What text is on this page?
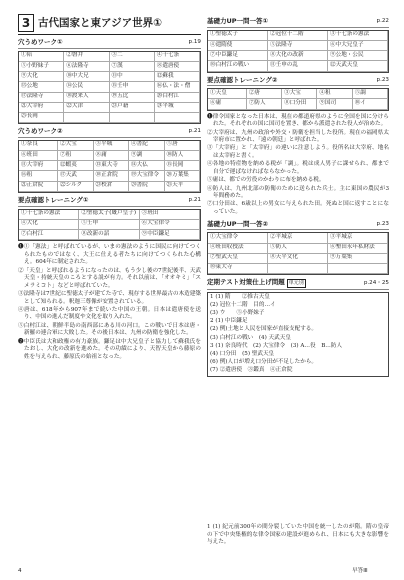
3 古代国家と東アジア世界①
穴うめワーク①	p.19
①陪	②磐井	③二	④十七条
⑤小野妹子	⑥法隆寺	⑦漢	⑧遣唐使
⑨大化	⑩中大兄	⑪中	⑫蘇我
⑬公地	⑭公民	⑮壬申	⑯仏・法・僧
⑰法隆寺	⑱渡来人	⑲五比	⑳白村江
㉑大宰府	㉒大津	㉓戸籍	㉔平城
㉕長岡
穴うめワーク②	p.21
①奈良	②大宝	③平城	④書紀	⑤唐
⑥班田	⑦租	⑧庸	⑨調	⑩防人
⑪大宰府	⑫蝦夷	⑬東大寺	⑭大仏	⑮長岡
⑯租	⑰天武	⑱正倉院	⑲大宝律令	⑳万葉集
㉑正倉院	㉒シルク	㉓校倉	㉔書院	㉕天平
要点確認トレーニング①	p.21
①十七条の憲法	②聖徳太子(厩戸皇子)	③班田
④大化	⑤壬申	⑥大宝律令
⑦白村江	⑧改新の詔	⑨中臣鎌足

❶①「憲法」と呼ばれているが、いまの憲法のように国民に向けてつくられたものではなく、大王に仕える者たちに向けてつくられた心構え。604年に制定された。

②「天皇」と呼ばれるようになったのは、もう少し後の7世紀後半、天武天皇・持統天皇のころとする説が有力。それ以前は、「オオキミ」「スメラミコト」などと呼ばれていた。

③法隆寺は7世紀に聖徳太子が建てた寺で、現存する世界最古の木造建築として知られる。釈迦三尊像が安置されている。

④唐は、618年から907年まで続いた中国の王朝。日本は遣唐使を送り、中国の進んだ制度や文化を取り入れた。

⑤白村江は、朝鮮半島の南西部にある川の河口。この戦いで日本は唐・新羅の連合軍に大敗した。その後日本は、九州の防衛を強化した。

❷中臣氏は大和政権の有力豪族。鎌足は中大兄皇子と協力して蘇我氏をたおし、大化の改新を進めた。その功績により、天智天皇から藤原の姓を与えられ、藤原氏の始祖となった。

基礎力UP一問一答①	p.22
①聖徳太子	②冠位十二階	③十七条の憲法
④遣隋使	⑤法隆寺	⑥中大兄皇子
⑦中臣鎌足	⑧大化の改新	⑨公地・公民
⑩白村江の戦い	⑪壬申の乱	⑫天武天皇
要点確認トレーニング②	p.23
①天皇	②唐	③大宝	④租	⑤調
⑥庸	⑦防人	⑧口分田	⑨国司	⑩イ

❶律令国家となった日本は、現在の都道府県のように全国を国に分けられた。それぞれの国に国司を置き、都から派遣された役人が治めた。

②大宰府は、九州の政治や外交・防衛を担当した役所。現在の福岡県太宰府市に置かれ、「遠の朝廷」と呼ばれた。

③「大宰府」と「太宰府」の違いに注意しよう。役所名は大宰府、地名は太宰府と書く。

④各地の特産物を納める税が「調」。税は成人男子に課せられ、都まで自分で運ばなければならなかった。

⑤庸は、都での労役のかわりに布を納める税。

⑥防人は、九州北部の防衛のために送られた兵士。主に東国の農民が3年間務めた。

⑦口分田は、6歳以上の男女に与えられた田。死ぬと国に返すことになっていた。

基礎力UP一問一答②	p.23
①大宝律令	②平城京	③平城京
④班田収授法	⑤防人	⑥墾田永年私財法
⑦聖武天皇	⑧天平文化	⑨万葉集
⑩東大寺
定期テスト対策仕上げ問題 単元別	p.24・25
1 (1) 隋　　②推古天皇
(2) 冠位十二階　目的…イ
(3) ウ　　⑤小野妹子
2 (1) 中臣鎌足
(2) 例)土地と人民を国家が直接支配する。
(3) 白村江の戦い　(4) 天武天皇
3 (1) 奈良時代　(2) 大宝律令　(3) A…役　B…防人
(4) 口分田　(5) 聖武天皇
(6) 例)人口が増え口分田が不足したから。
(7) ②遣唐使　③鑑真　④正倉院
1 (1) 紀元前300年の間分裂していた中国を統一したのが隋。隋の皇帝の下で中央集権的な律令国家の建設が進められ、日本にも大きな影響を与えた。
4	早答ⅠⅡ
